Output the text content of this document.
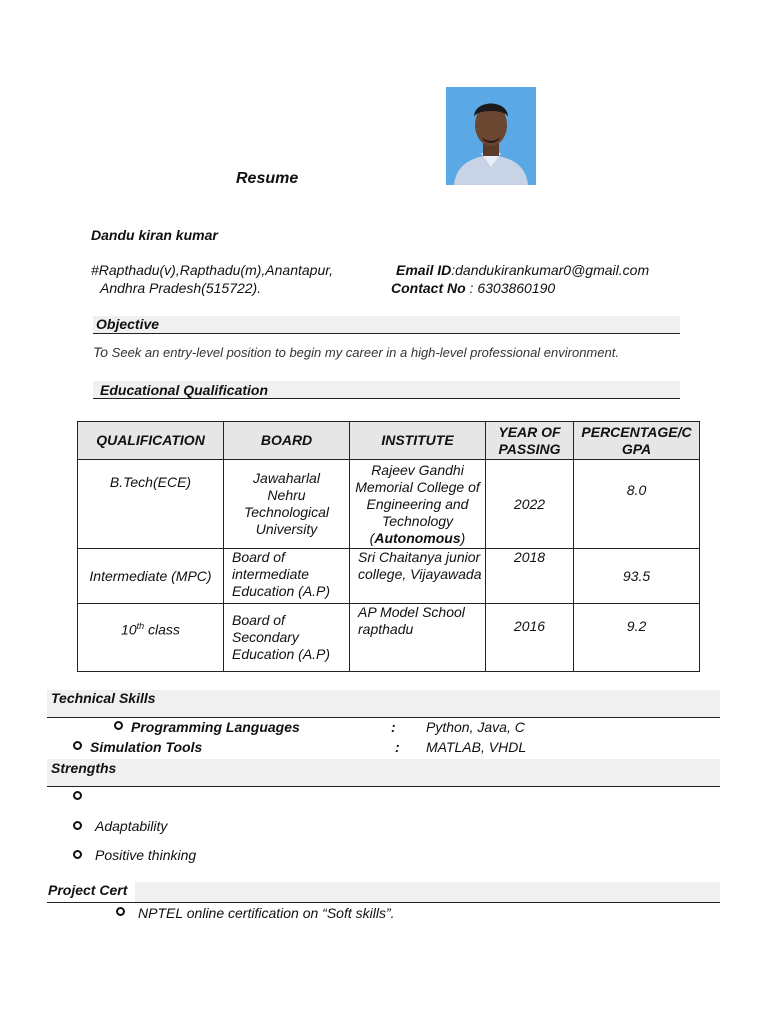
Resume
Dandu kiran kumar
#Rapthadu(v),Rapthadu(m),Anantapur,
Andhra Pradesh(515722).
Email ID:dandukirankumar0@gmail.com
Contact No : 6303860190
Objective
To Seek an entry-level position to begin my career in a high-level professional environment.
Educational Qualification
QUALIFICATION	BOARD	INSTITUTE	YEAR OF PASSING	PERCENTAGE/C GPA
B.Tech(ECE)	Jawaharlal Nehru Technological University	Rajeev Gandhi Memorial College of Engineering and Technology (Autonomous)	2022	8.0
Intermediate (MPC)	Board of intermediate Education (A.P)	Sri Chaitanya junior college, Vijayawada	2018	93.5
10th class	Board of Secondary Education (A.P)	AP Model School rapthadu	2016	9.2
Technical Skills
Programming Languages	: Python, Java, C
Simulation Tools	: MATLAB, VHDL
Strengths
Adaptability
Positive thinking
Project Cert
NPTEL online certification on “Soft skills”.
